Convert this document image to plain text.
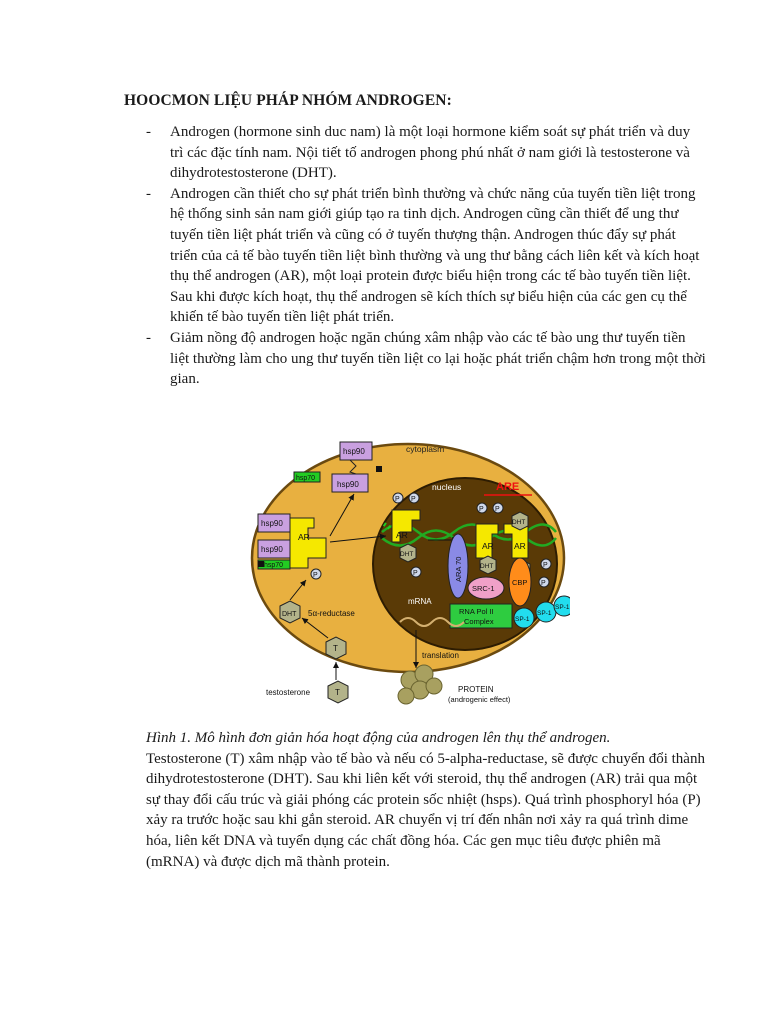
HOOCMON LIỆU PHÁP NHÓM ANDROGEN:
- Androgen (hormone sinh duc nam) là một loại hormone kiểm soát sự phát triển và duy trì các đặc tính nam. Nội tiết tố androgen phong phú nhất ở nam giới là testosterone và dihydrotestosterone (DHT).
- Androgen cần thiết cho sự phát triển bình thường và chức năng của tuyến tiền liệt trong hệ thống sinh sản nam giới giúp tạo ra tinh dịch. Androgen cũng cần thiết để ung thư tuyến tiền liệt phát triển và cũng có ở tuyến thượng thận. Androgen thúc đẩy sự phát triển của cả tế bào tuyến tiền liệt bình thường và ung thư bằng cách liên kết và kích hoạt thụ thể androgen (AR), một loại protein được biểu hiện trong các tế bào tuyến tiền liệt. Sau khi được kích hoạt, thụ thể androgen sẽ kích thích sự biểu hiện của các gen cụ thể khiến tế bào tuyến tiền liệt phát triển.
- Giảm nồng độ androgen hoặc ngăn chúng xâm nhập vào các tế bào ung thư tuyến tiền liệt thường làm cho ung thư tuyến tiền liệt co lại hoặc phát triển chậm hơn trong một thời gian.
cytoplasm
nucleus	ARE
hsp90
hsp90
hsp70
hsp90
hsp90
hsp70
AR
P
P P
AR
DHT
P	ARA 70
P P
AR AR
DHT
DHT	P
P
SRC-1
CBP
RNA Pol II
Complex	SP-1
SP-1
SP-1
mRNA
translation
DHT 5α-reductase
T
T
testosterone	PROTEIN
(androgenic effect)
Hình 1. Mô hình đơn giản hóa hoạt động của androgen lên thụ thể androgen.
Testosterone (T) xâm nhập vào tế bào và nếu có 5-alpha-reductase, sẽ được chuyển đổi thành dihydrotestosterone (DHT). Sau khi liên kết với steroid, thụ thể androgen (AR) trải qua một sự thay đổi cấu trúc và giải phóng các protein sốc nhiệt (hsps). Quá trình phosphoryl hóa (P) xảy ra trước hoặc sau khi gắn steroid. AR chuyển vị trí đến nhân nơi xảy ra quá trình dime hóa, liên kết DNA và tuyển dụng các chất đồng hóa. Các gen mục tiêu được phiên mã (mRNA) và được dịch mã thành protein.
